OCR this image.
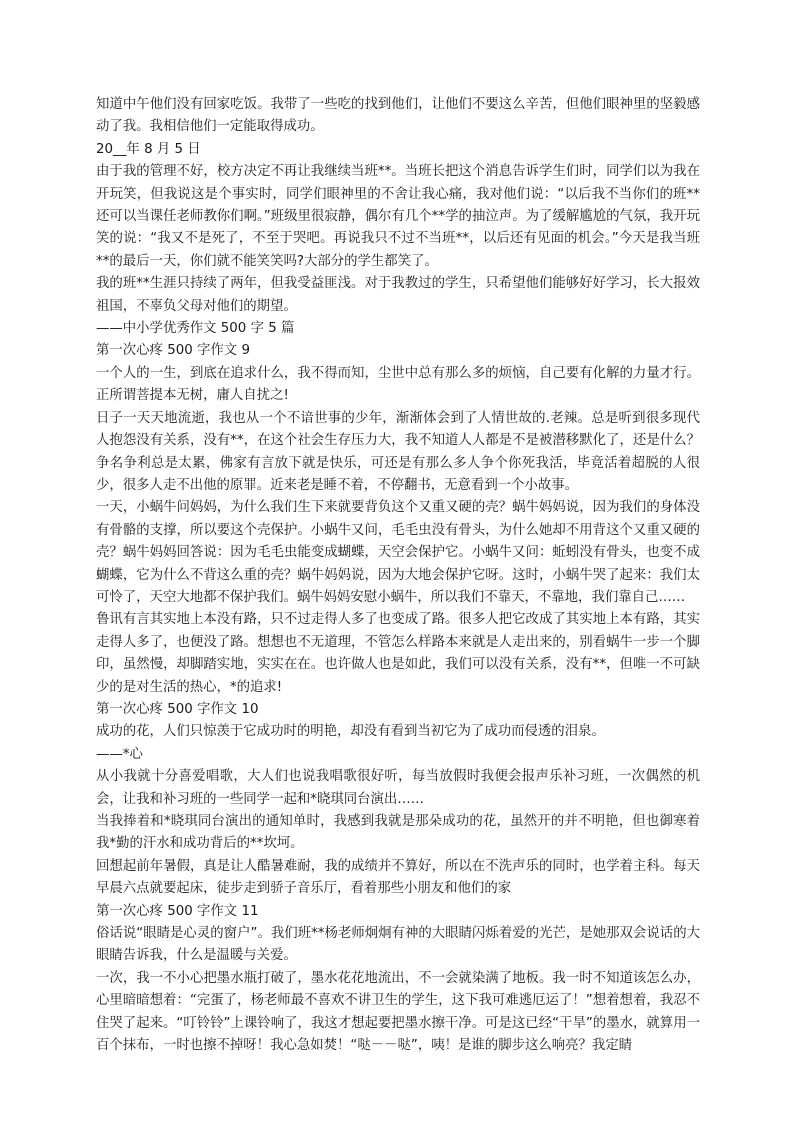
知道中午他们没有回家吃饭。我带了一些吃的找到他们，让他们不要这么辛苦，但他们眼神里的坚毅感动了我。我相信他们一定能取得成功。

20__年 8 月 5 日

由于我的管理不好，校方决定不再让我继续当班**。当班长把这个消息告诉学生们时，同学们以为我在开玩笑，但我说这是个事实时，同学们眼神里的不舍让我心痛，我对他们说：“以后我不当你们的班**还可以当课任老师教你们啊。”班级里很寂静，偶尔有几个**学的抽泣声。为了缓解尴尬的气氛，我开玩笑的说：“我又不是死了，不至于哭吧。再说我只不过不当班**，以后还有见面的机会。”今天是我当班**的最后一天，你们就不能笑笑吗?大部分的学生都笑了。

我的班**生涯只持续了两年，但我受益匪浅。对于我教过的学生，只希望他们能够好好学习，长大报效祖国，不辜负父母对他们的期望。

——中小学优秀作文 500 字 5 篇

第一次心疼 500 字作文 9

一个人的一生，到底在追求什么，我不得而知，尘世中总有那么多的烦恼，自己要有化解的力量才行。正所谓菩提本无树，庸人自扰之!

日子一天天地流逝，我也从一个不谙世事的少年，渐渐体会到了人情世故的.老辣。总是听到很多现代人抱怨没有关系，没有**，在这个社会生存压力大，我不知道人人都是不是被潜移默化了，还是什么？争名争利总是太累，佛家有言放下就是快乐，可还是有那么多人争个你死我活，毕竟活着超脱的人很少，很多人走不出他的原罪。近来老是睡不着，不停翻书，无意看到一个小故事。

一天，小蜗牛问妈妈，为什么我们生下来就要背负这个又重又硬的壳？蜗牛妈妈说，因为我们的身体没有骨骼的支撑，所以要这个壳保护。小蜗牛又问，毛毛虫没有骨头，为什么她却不用背这个又重又硬的壳？蜗牛妈妈回答说：因为毛毛虫能变成蝴蝶，天空会保护它。小蜗牛又问：蚯蚓没有骨头，也变不成蝴蝶，它为什么不背这么重的壳？蜗牛妈妈说，因为大地会保护它呀。这时，小蜗牛哭了起来：我们太可怜了，天空大地都不保护我们。蜗牛妈妈安慰小蜗牛，所以我们不靠天，不靠地，我们靠自己……

鲁讯有言其实地上本没有路，只不过走得人多了也变成了路。很多人把它改成了其实地上本有路，其实走得人多了，也便没了路。想想也不无道理，不管怎么样路本来就是人走出来的，别看蜗牛一步一个脚印，虽然慢，却脚踏实地，实实在在。也许做人也是如此，我们可以没有关系，没有**，但唯一不可缺少的是对生活的热心，*的追求!

第一次心疼 500 字作文 10

成功的花，人们只惊羡于它成功时的明艳，却没有看到当初它为了成功而侵透的泪泉。

——*心

从小我就十分喜爱唱歌，大人们也说我唱歌很好听，每当放假时我便会报声乐补习班，一次偶然的机会，让我和补习班的一些同学一起和*晓琪同台演出……

当我捧着和*晓琪同台演出的通知单时，我感到我就是那朵成功的花，虽然开的并不明艳，但也御寒着我*勤的汗水和成功背后的**坎坷。

回想起前年暑假，真是让人酷暑难耐，我的成绩并不算好，所以在不洗声乐的同时，也学着主科。每天早晨六点就要起床，徒步走到骄子音乐厅，看着那些小朋友和他们的家

第一次心疼 500 字作文 11

俗话说“眼睛是心灵的窗户”。我们班**杨老师炯炯有神的大眼睛闪烁着爱的光芒，是她那双会说话的大眼睛告诉我，什么是温暖与关爱。

一次，我一不小心把墨水瓶打破了，墨水花花地流出，不一会就染满了地板。我一时不知道该怎么办，心里暗暗想着：“完蛋了，杨老师最不喜欢不讲卫生的学生，这下我可难逃厄运了！”想着想着，我忍不住哭了起来。“叮铃铃”上课铃响了，我这才想起要把墨水擦干净。可是这已经“干旱”的墨水，就算用一百个抹布，一时也擦不掉呀！我心急如焚！“哒－－哒”，咦！是谁的脚步这么响亮？我定睛
